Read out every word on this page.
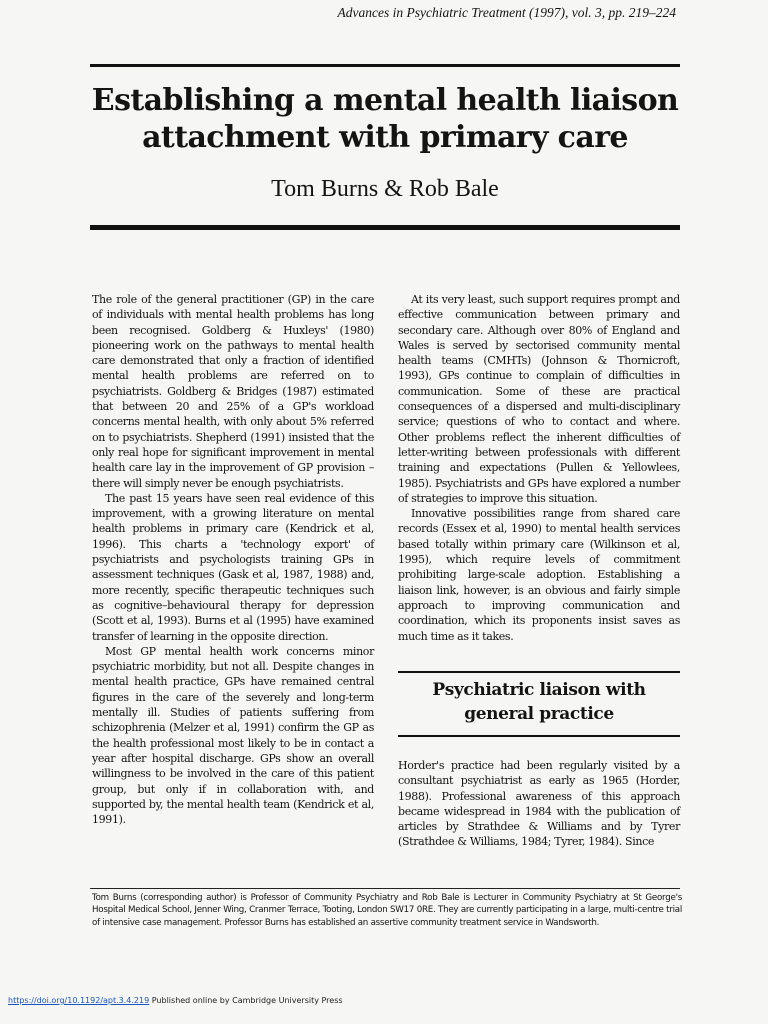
Advances in Psychiatric Treatment (1997), vol. 3, pp. 219–224
Establishing a mental health liaison
attachment with primary care
Tom Burns & Rob Bale

The role of the general practitioner (GP) in the care of individuals with mental health problems has long been recognised. Goldberg & Huxleys' (1980) pioneering work on the pathways to mental health care demonstrated that only a fraction of identified mental health problems are referred on to psychiatrists. Goldberg & Bridges (1987) estimated that between 20 and 25% of a GP's workload concerns mental health, with only about 5% referred on to psychiatrists. Shepherd (1991) insisted that the only real hope for significant improvement in mental health care lay in the improvement of GP provision – there will simply never be enough psychiatrists.

The past 15 years have seen real evidence of this improvement, with a growing literature on mental health problems in primary care (Kendrick et al, 1996). This charts a 'technology export' of psychiatrists and psychologists training GPs in assessment techniques (Gask et al, 1987, 1988) and, more recently, specific therapeutic techniques such as cognitive–behavioural therapy for depression (Scott et al, 1993). Burns et al (1995) have examined transfer of learning in the opposite direction.

Most GP mental health work concerns minor psychiatric morbidity, but not all. Despite changes in mental health practice, GPs have remained central figures in the care of the severely and long-term mentally ill. Studies of patients suffering from schizophrenia (Melzer et al, 1991) confirm the GP as the health professional most likely to be in contact a year after hospital discharge. GPs show an overall willingness to be involved in the care of this patient group, but only if in collaboration with, and supported by, the mental health team (Kendrick et al, 1991).

At its very least, such support requires prompt and effective communication between primary and secondary care. Although over 80% of England and Wales is served by sectorised community mental health teams (CMHTs) (Johnson & Thornicroft, 1993), GPs continue to complain of difficulties in communication. Some of these are practical consequences of a dispersed and multi-disciplinary service; questions of who to contact and where. Other problems reflect the inherent difficulties of letter-writing between professionals with different training and expectations (Pullen & Yellowlees, 1985). Psychiatrists and GPs have explored a number of strategies to improve this situation.

Innovative possibilities range from shared care records (Essex et al, 1990) to mental health services based totally within primary care (Wilkinson et al, 1995), which require levels of commitment prohibiting large-scale adoption. Establishing a liaison link, however, is an obvious and fairly simple approach to improving communication and coordination, which its proponents insist saves as much time as it takes.

Psychiatric liaison with
general practice

Horder's practice had been regularly visited by a consultant psychiatrist as early as 1965 (Horder, 1988). Professional awareness of this approach became widespread in 1984 with the publication of articles by Strathdee & Williams and by Tyrer (Strathdee & Williams, 1984; Tyrer, 1984). Since

Tom Burns (corresponding author) is Professor of Community Psychiatry and Rob Bale is Lecturer in Community Psychiatry at St George's Hospital Medical School, Jenner Wing, Cranmer Terrace, Tooting, London SW17 0RE. They are currently participating in a large, multi-centre trial of intensive case management. Professor Burns has established an assertive community treatment service in Wandsworth.
https://doi.org/10.1192/apt.3.4.219 Published online by Cambridge University Press
